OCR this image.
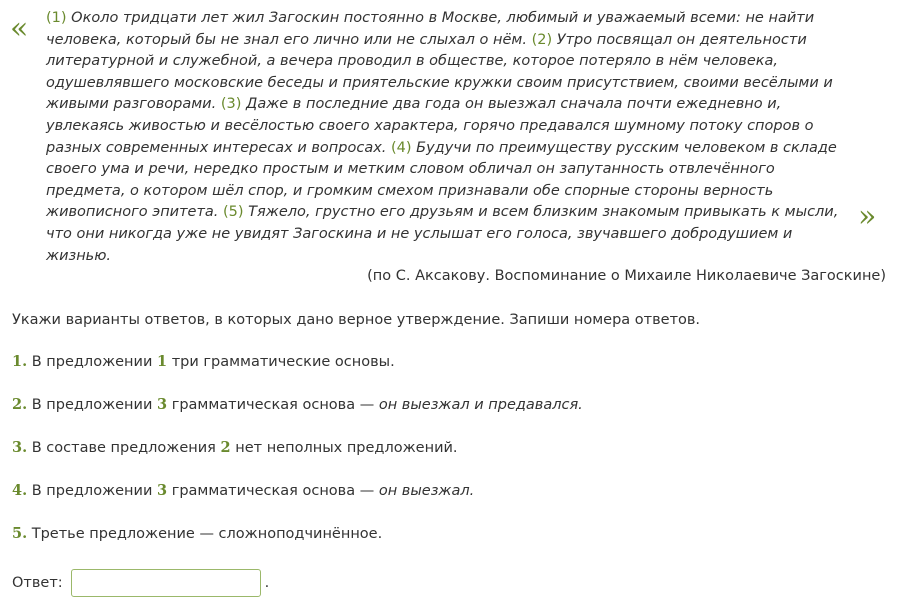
« (1) Около тридцати лет жил Загоскин постоянно в Москве, любимый и уважаемый всеми: не найти человека, который бы не знал его лично или не слыхал о нём. (2) Утро посвящал он деятельности литературной и служебной, а вечера проводил в обществе, которое потеряло в нём человека, одушевлявшего московские беседы и приятельские кружки своим присутствием, своими весёлыми и живыми разговорами. (3) Даже в последние два года он выезжал сначала почти ежедневно и, увлекаясь живостью и весёлостью своего характера, горячо предавался шумному потоку споров о разных современных интересах и вопросах. (4) Будучи по преимуществу русским человеком в складе своего ума и речи, нередко простым и метким словом обличал он запутанность отвлечённого предмета, о котором шёл спор, и громким смехом признавали обе спорные стороны верность живописного эпитета. (5) Тяжело, грустно его друзьям и всем близким знакомым привыкать к мысли, что они никогда уже не увидят Загоскина и не услышат его голоса, звучавшего добродушием и жизнью.
»
(по С. Аксакову. Воспоминание о Михаиле Николаевиче Загоскине)
Укажи варианты ответов, в которых дано верное утверждение. Запиши номера ответов.
1. В предложении 1 три грамматические основы.
2. В предложении 3 грамматическая основа — он выезжал и предавался.
3. В составе предложения 2 нет неполных предложений.
4. В предложении 3 грамматическая основа — он выезжал.
5. Третье предложение — сложноподчинённое.
Ответ:	.
